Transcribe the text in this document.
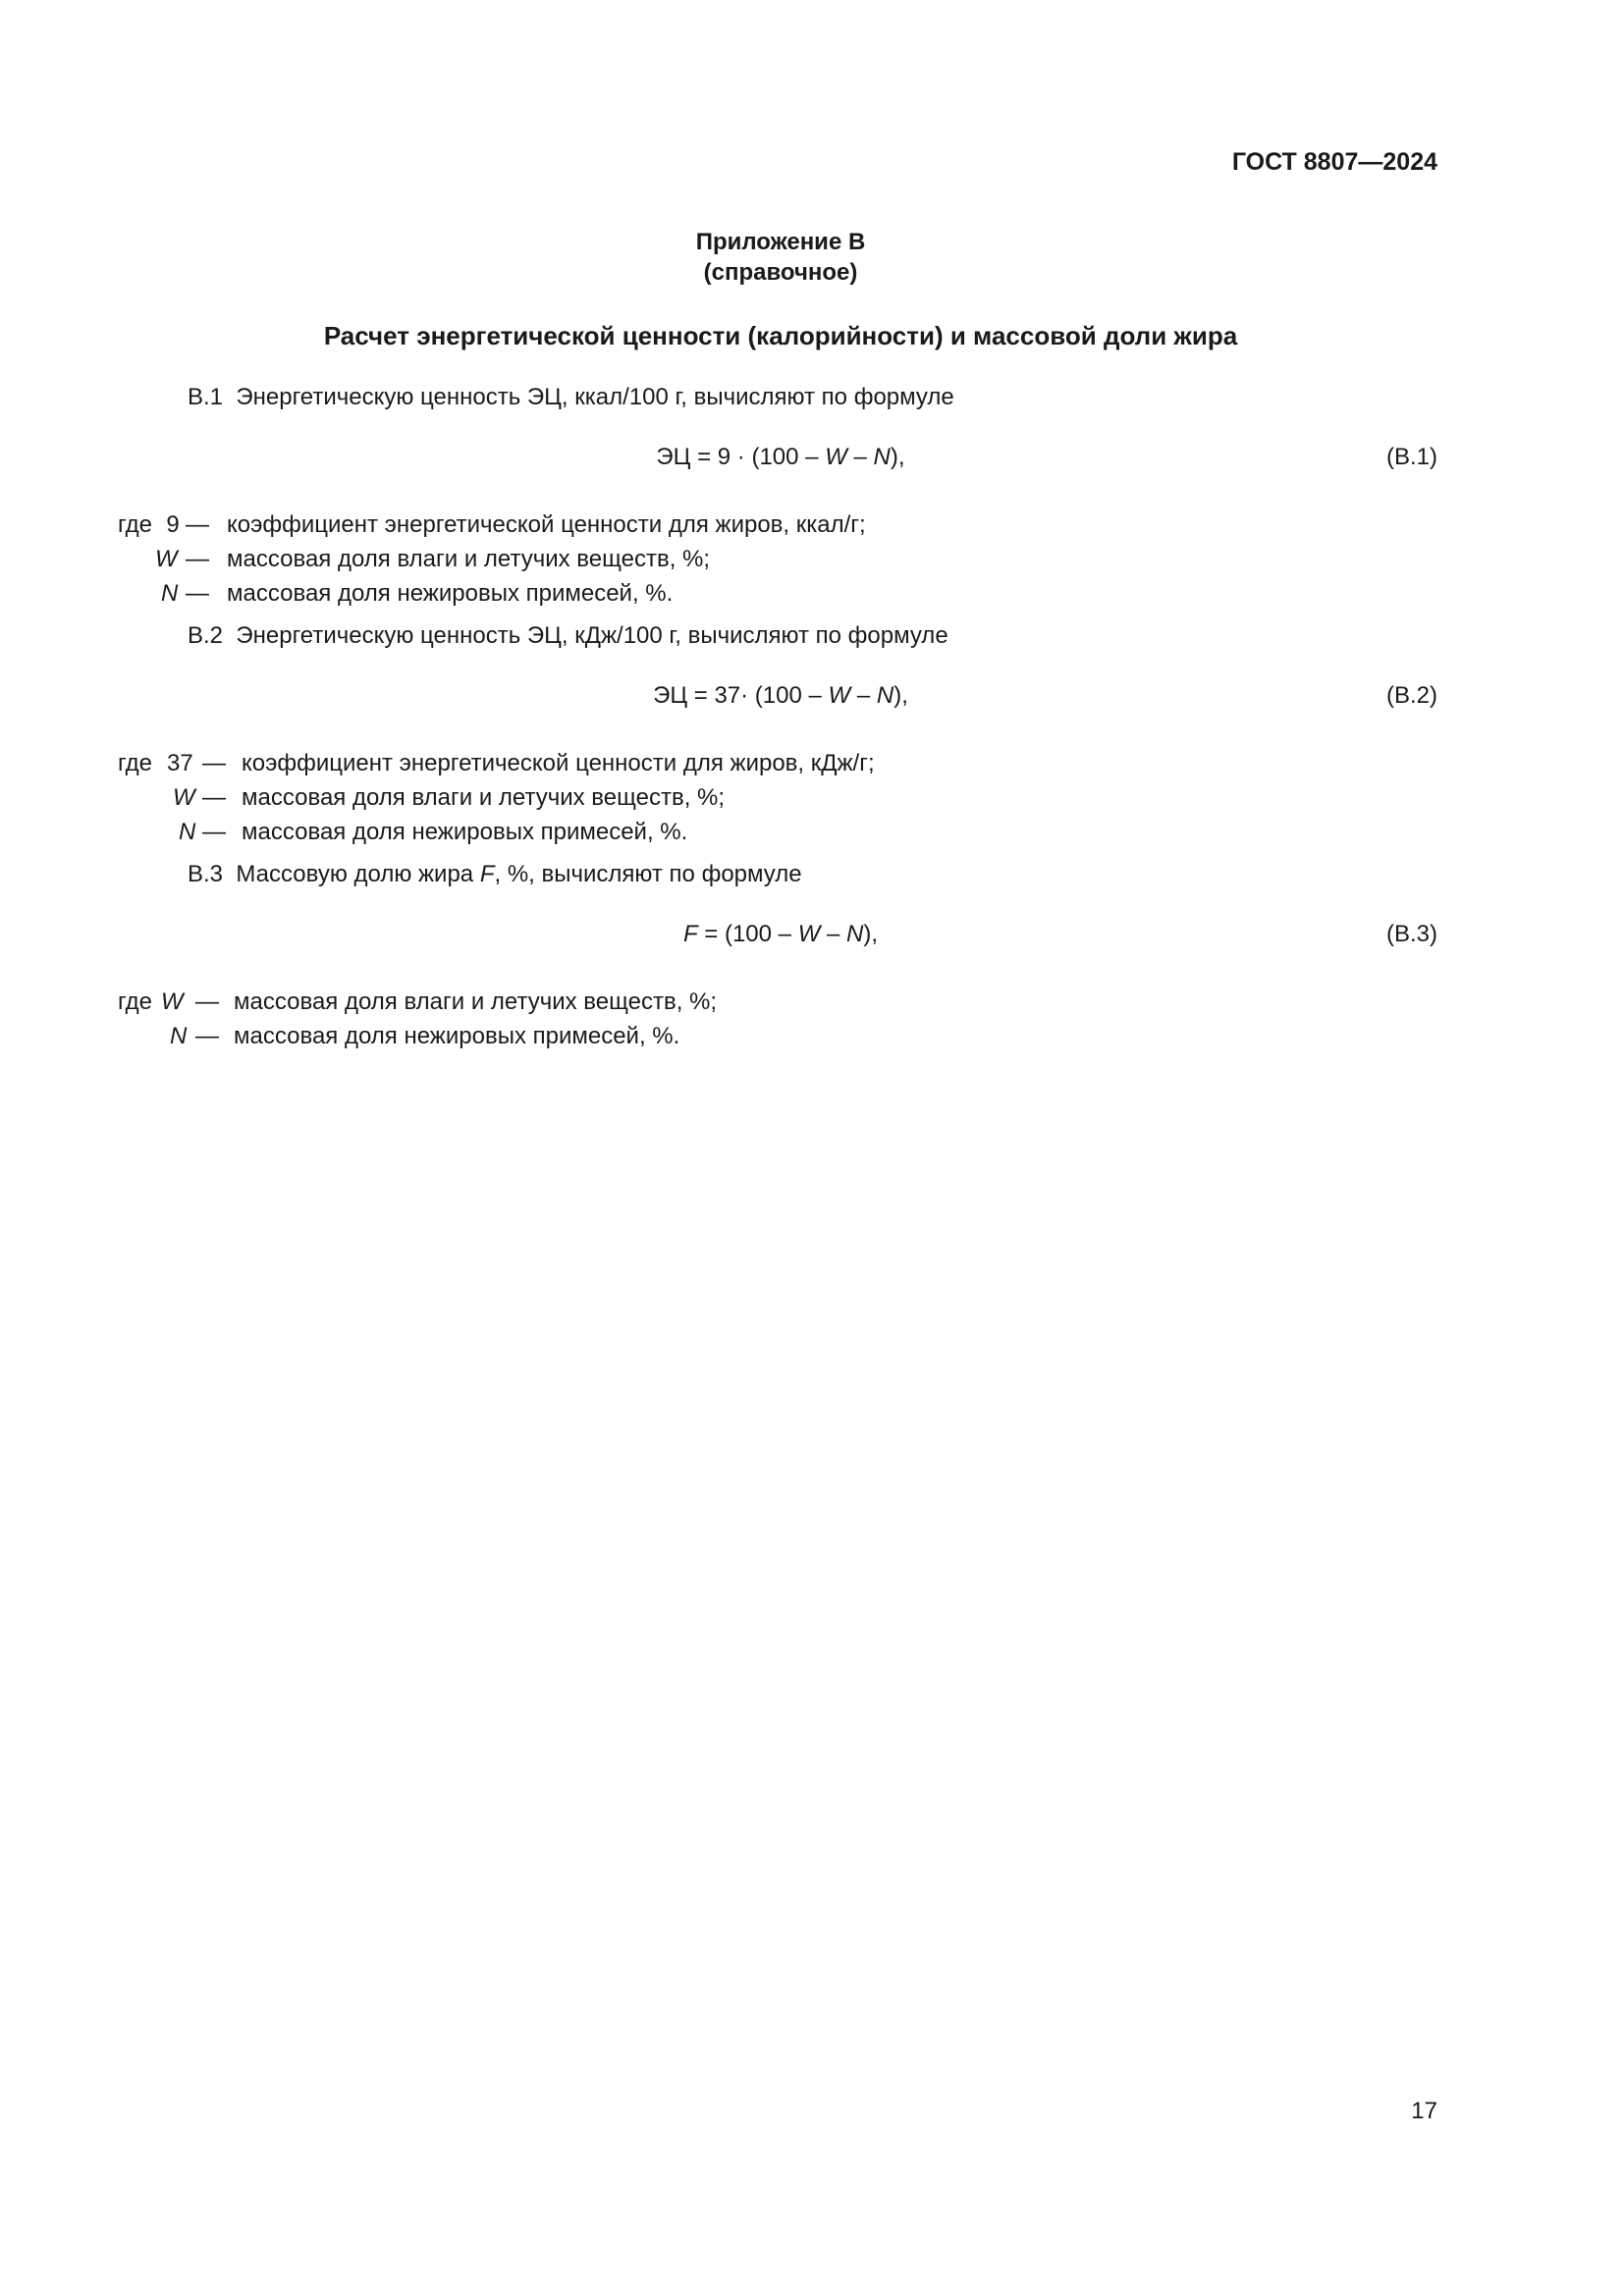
ГОСТ 8807—2024
Приложение В
(справочное)
Расчет энергетической ценности (калорийности) и массовой доли жира
В.1 Энергетическую ценность ЭЦ, ккал/100 г, вычисляют по формуле
ЭЦ = 9 · (100 – W – N),	(В.1)
где 9 — коэффициент энергетической ценности для жиров, ккал/г;
W — массовая доля влаги и летучих веществ, %;
N — массовая доля нежировых примесей, %.
В.2 Энергетическую ценность ЭЦ, кДж/100 г, вычисляют по формуле
ЭЦ = 37· (100 – W – N),	(В.2)
где 37 — коэффициент энергетической ценности для жиров, кДж/г;
W — массовая доля влаги и летучих веществ, %;
N — массовая доля нежировых примесей, %.
В.3 Массовую долю жира F, %, вычисляют по формуле
F = (100 – W – N),	(В.3)
где W — массовая доля влаги и летучих веществ, %;
N — массовая доля нежировых примесей, %.
17
